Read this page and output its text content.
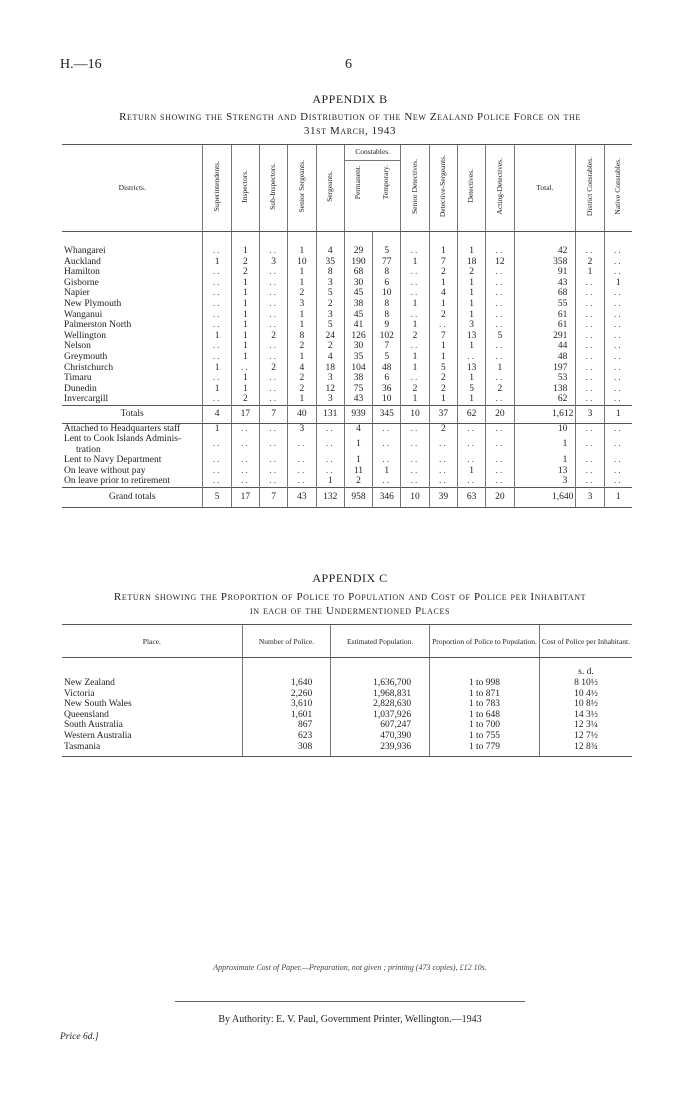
H.—16	6
APPENDIX B
Return showing the Strength and Distribution of the New Zealand Police Force on the
31st March, 1943
Districts.	Superintendents.	Inspectors.	Sub-Inspectors.	Senior Sergeants.	Sergeants.	Constables.
Permanent. Temporary.		Senior Detectives.	Detective-Sergeants.	Detectives.	Acting-Detectives.	Total.	District Constables.	Native Constables.

Whangarei	..	1	..	1	4	29	5	..	1	1	..	42	..	..
Auckland	1	2	3	10	35	190	77	1	7	18	12	358	2	..
Hamilton	..	2	..	1	8	68	8	..	2	2	..	91	1	..
Gisborne	..	1	..	1	3	30	6	..	1	1	..	43	..	1
Napier	..	1	..	2	5	45	10	..	4	1	..	68	..	..
New Plymouth	..	1	..	3	2	38	8	1	1	1	..	55	..	..
Wanganui	..	1	..	1	3	45	8	..	2	1	..	61	..	..
Palmerston North	..	1	..	1	5	41	9	1	..	3	..	61	..	..
Wellington	1	1	2	8	24	126	102	2	7	13	5	291	..	..
Nelson	..	1	..	2	2	30	7	..	1	1	..	44	..	..
Greymouth	..	1	..	1	4	35	5	1	1	..	..	48	..	..
Christchurch	1	..	2	4	18	104	48	1	5	13	1	197	..	..
Timaru	..	1	..	2	3	38	6	..	2	1	..	53	..	..
Dunedin	1	1	..	2	12	75	36	2	2	5	2	138	..	..
Invercargill	..	2	..	1	3	43	10	1	1	1	..	62	..	..
Totals	4	17	7	40	131	939	345	10	37	62	20	1,612	3	1
Attached to Headquarters staff	1	..	..	3	..	4	..	..	2	..	..	10	..	..
Lent to Cook Islands Adminis-
tration	..	..	..	..	..	1	..	..	..	..	..	1	..	..
Lent to Navy Department	..	..	..	..	..	1	..	..	..	..	..	1	..	..
On leave without pay	..	..	..	..	..	11	1	..	..	1	..	13	..	..
On leave prior to retirement	..	..	..	..	1	2	..	..	..	..	..	3	..	..
Grand totals	5	17	7	43	132	958	346	10	39	63	20	1,640	3	1
APPENDIX C
Return showing the Proportion of Police to Population and Cost of Police per Inhabitant
in each of the Undermentioned Places
Place.	Number of Police.	Estimated Population.	Proportion of Police to Population.	Cost of Police per Inhabitant.
				s. d.
New Zealand	1,640	1,636,700	1 to 998	8 10½
Victoria	2,260	1,968,831	1 to 871	10 4½
New South Wales	3,610	2,828,630	1 to 783	10 8½
Queensland	1,601	1,037,926	1 to 648	14 3½
South Australia	867	607,247	1 to 700	12 3¼
Western Australia	623	470,390	1 to 755	12 7½
Tasmania	308	239,936	1 to 779	12 8¾
Approximate Cost of Paper.—Preparation, not given ; printing (473 copies), £12 10s.
By Authority: E. V. Paul, Government Printer, Wellington.—1943
Price 6d.]
